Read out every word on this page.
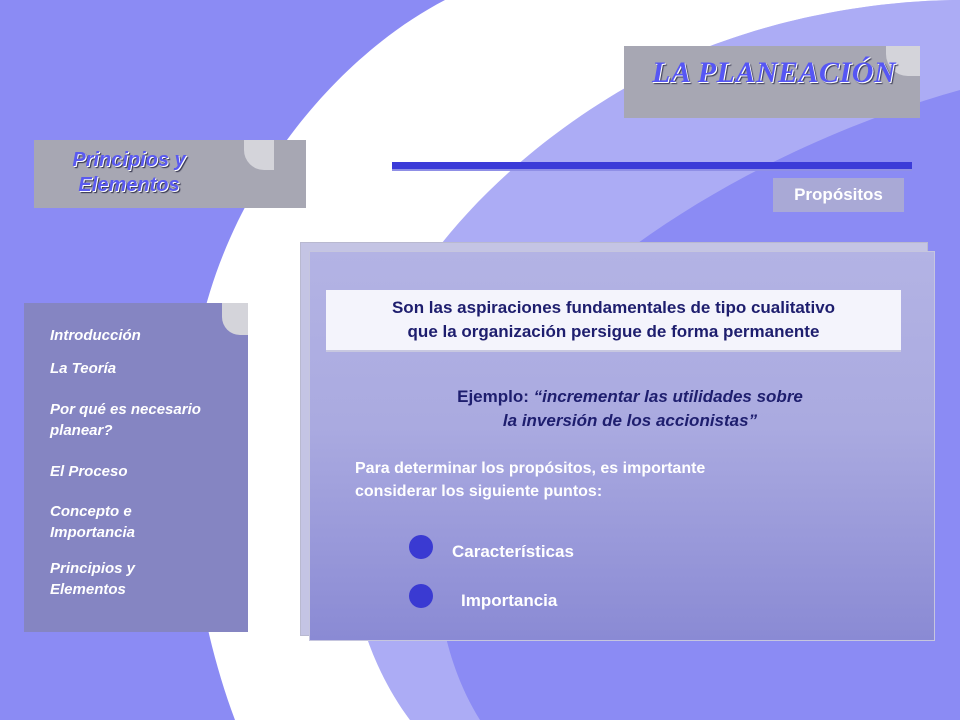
LA PLANEACIÓN
Principios y
Elementos	Propósitos
Introducción
La Teoría
Por qué es necesario
planear?
El Proceso
Concepto e
Importancia
Principios y
Elementos
Son las aspiraciones fundamentales de tipo cualitativo
que la organización persigue de forma permanente
Ejemplo: “incrementar las utilidades sobre
la inversión de los accionistas”
Para determinar los propósitos, es importante
considerar los siguiente puntos:
Características
Importancia
